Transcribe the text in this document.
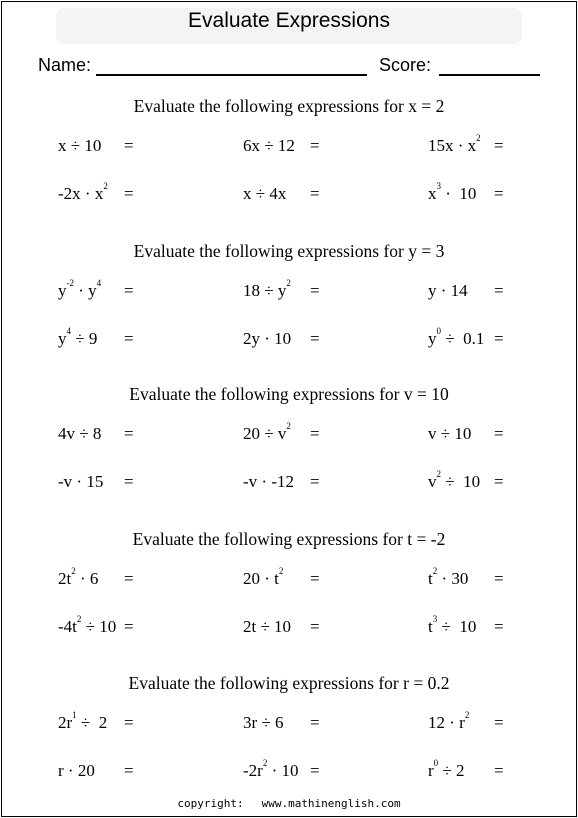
Evaluate Expressions
Name:	Score:
Evaluate the following expressions for x = 2
x ÷ 10 =	6x ÷ 12 =	$15x \cdot x^2$ =
$-2x \cdot x^2$ =	x ÷ 4x =	$x^3 \cdot 10$ =
Evaluate the following expressions for y = 3
$y^{-2} \cdot y^4$ =	$18 \div y^2$ =	y · 14 =
$y^4 \div 9$ =	2y · 10 =	$y^0 \div 0.1$ =
Evaluate the following expressions for v = 10
4v ÷ 8 =	$20 \div v^2$ =	v ÷ 10 =
-v · 15 =	-v · -12 =	$v^2 \div 10$ =
Evaluate the following expressions for t = -2
$2t^2 \cdot 6$ =	$20 \cdot t^2$ =	$t^2 \cdot 30$ =
$-4t^2 \div 10$ =	2t ÷ 10 =	$t^3 \div 10$ =
Evaluate the following expressions for r = 0.2
$2r^1 \div 2$ =	3r ÷ 6 =	$12 \cdot r^2$ =
r · 20 =	$-2r^2 \cdot 10$ =	$r^0 \div 2$ =
copyright: www.mathinenglish.com
